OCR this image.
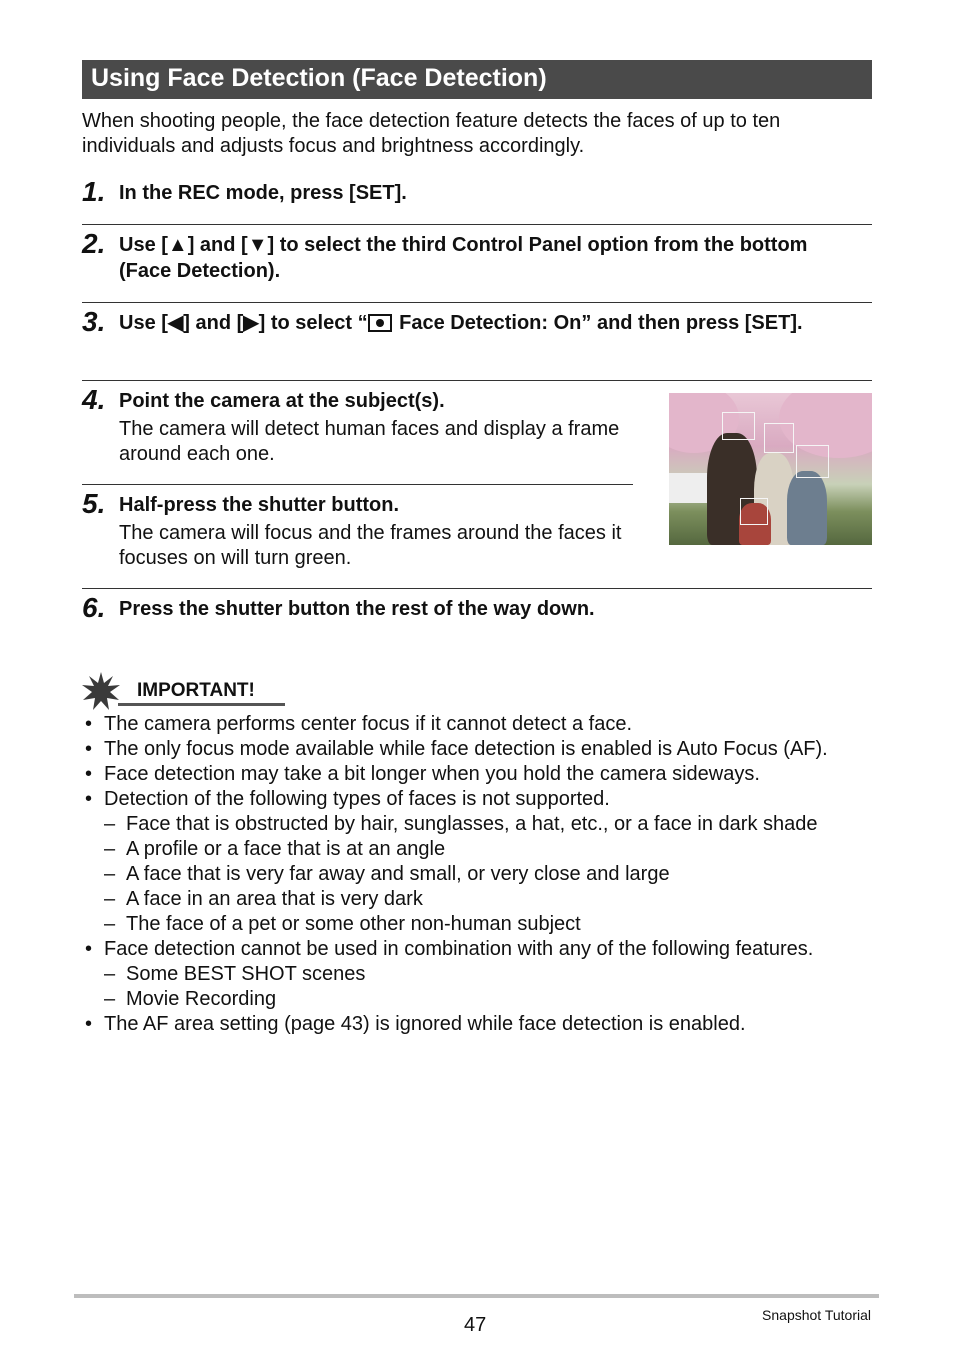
Using Face Detection (Face Detection)
When shooting people, the face detection feature detects the faces of up to ten individuals and adjusts focus and brightness accordingly.
1. In the REC mode, press [SET].
2. Use [▲] and [▼] to select the third Control Panel option from the bottom (Face Detection).
3. Use [◀] and [▶] to select “ Face Detection: On” and then press [SET].
4. Point the camera at the subject(s).
The camera will detect human faces and display a frame around each one.
5. Half-press the shutter button.
The camera will focus and the frames around the faces it focuses on will turn green.
6. Press the shutter button the rest of the way down.
IMPORTANT!
• The camera performs center focus if it cannot detect a face.
• The only focus mode available while face detection is enabled is Auto Focus (AF).
• Face detection may take a bit longer when you hold the camera sideways.
• Detection of the following types of faces is not supported.
– Face that is obstructed by hair, sunglasses, a hat, etc., or a face in dark shade
– A profile or a face that is at an angle
– A face that is very far away and small, or very close and large
– A face in an area that is very dark
– The face of a pet or some other non-human subject
• Face detection cannot be used in combination with any of the following features.
– Some BEST SHOT scenes
– Movie Recording
• The AF area setting (page 43) is ignored while face detection is enabled.
47	Snapshot Tutorial
